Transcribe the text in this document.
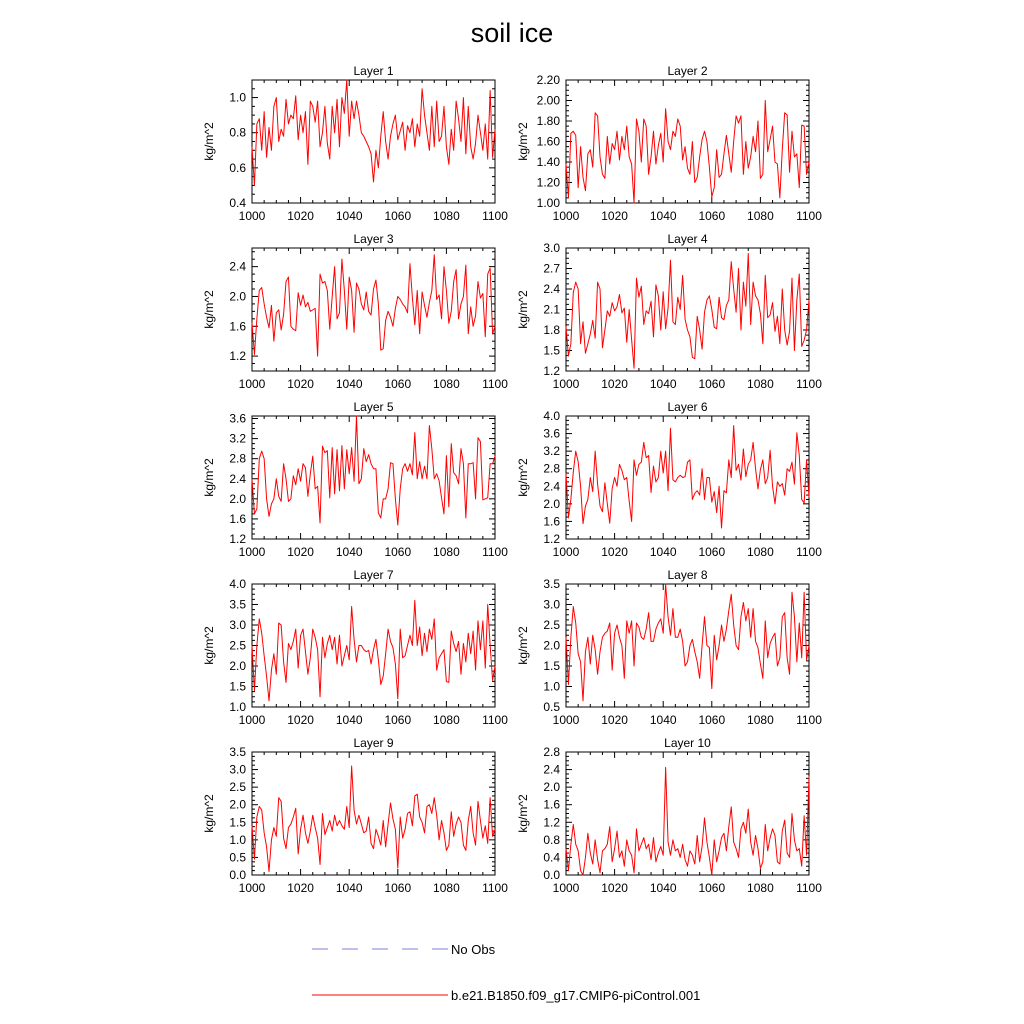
soil ice
Layer 1
kg/m^2
1000 1020 1040 1060 1080 1100
0.4
0.6
0.8
1.0
Layer 2
kg/m^2
1000 1020 1040 1060 1080 1100
1.00
1.20
1.40
1.60
1.80
2.00
2.20
Layer 3
kg/m^2
1000 1020 1040 1060 1080 1100
1.2
1.6
2.0
2.4
Layer 4
kg/m^2
1000 1020 1040 1060 1080 1100
1.2
1.5
1.8
2.1
2.4
2.7
3.0
Layer 5
kg/m^2
1000 1020 1040 1060 1080 1100
1.2
1.6
2.0
2.4
2.8
3.2
3.6
Layer 6
kg/m^2
1000 1020 1040 1060 1080 1100
1.2
1.6
2.0
2.4
2.8
3.2
3.6
4.0
Layer 7
kg/m^2
1000 1020 1040 1060 1080 1100
1.0
1.5
2.0
2.5
3.0
3.5
4.0
Layer 8
kg/m^2
1000 1020 1040 1060 1080 1100
0.5
1.0
1.5
2.0
2.5
3.0
3.5
Layer 9
kg/m^2
1000 1020 1040 1060 1080 1100
0.0
0.5
1.0
1.5
2.0
2.5
3.0
3.5
Layer 10
kg/m^2
1000 1020 1040 1060 1080 1100
0.0
0.4
0.8
1.2
1.6
2.0
2.4
2.8
No Obs
b.e21.B1850.f09_g17.CMIP6-piControl.001
